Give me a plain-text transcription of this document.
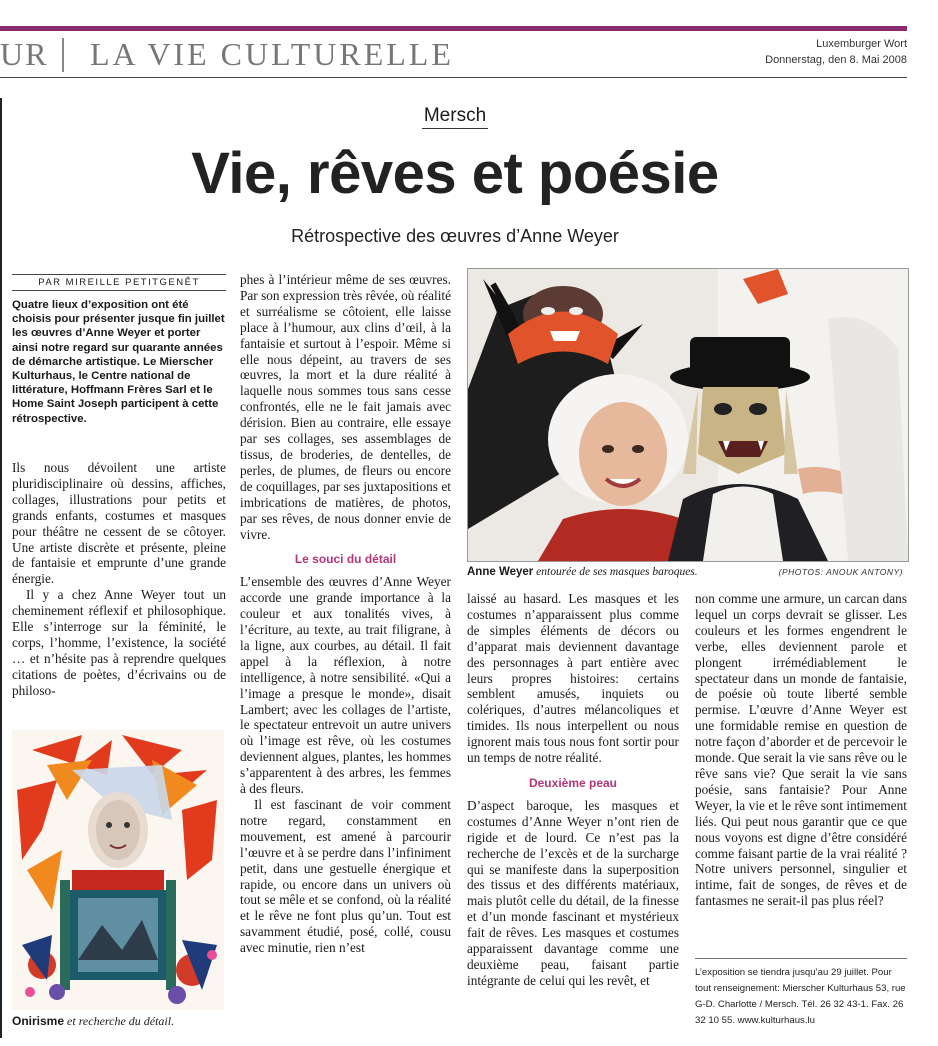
UR LA VIE CULTURELLE	Luxemburger Wort
Donnerstag, den 8. Mai 2008
Mersch
Vie, rêves et poésie
Rétrospective des œuvres d’Anne Weyer
PAR MIREILLE PETITGENÊT

Quatre lieux d’exposition ont été choisis pour présenter jusque fin juillet les œuvres d’Anne Weyer et porter ainsi notre regard sur quarante années de démarche artistique. Le Mierscher Kulturhaus, le Centre national de littérature, Hoffmann Frères Sarl et le Home Saint Joseph participent à cette rétrospective.

Ils nous dévoilent une artiste pluridisciplinaire où dessins, affiches, collages, illustrations pour petits et grands enfants, costumes et masques pour théâtre ne cessent de se côtoyer. Une artiste discrète et présente, pleine de fantaisie et emprunte d’une grande énergie.

Il y a chez Anne Weyer tout un cheminement réflexif et philosophique. Elle s’interroge sur la féminité, le corps, l’homme, l’existence, la société … et n’hésite pas à reprendre quelques citations de poètes, d’écrivains ou de philoso-

Onirisme et recherche du détail.

phes à l’intérieur même de ses œuvres. Par son expression très rêvée, où réalité et surréalisme se côtoient, elle laisse place à l’humour, aux clins d’œil, à la fantaisie et surtout à l’espoir. Même si elle nous dépeint, au travers de ses œuvres, la mort et la dure réalité à laquelle nous sommes tous sans cesse confrontés, elle ne le fait jamais avec dérision. Bien au contraire, elle essaye par ses collages, ses assemblages de tissus, de broderies, de dentelles, de perles, de plumes, de fleurs ou encore de coquillages, par ses juxtapositions et imbrications de matières, de photos, par ses rêves, de nous donner envie de vivre.

Le souci du détail

L’ensemble des œuvres d’Anne Weyer accorde une grande importance à la couleur et aux tonalités vives, à l’écriture, au texte, au trait filigrane, à la ligne, aux courbes, au détail. Il fait appel à la réflexion, à notre intelligence, à notre sensibilité. «Qui a l’image a presque le monde», disait Lambert; avec les collages de l’artiste, le spectateur entrevoit un autre univers où l’image est rêve, où les costumes deviennent algues, plantes, les hommes s’apparentent à des arbres, les femmes à des fleurs.

Il est fascinant de voir comment notre regard, constamment en mouvement, est amené à parcourir l’œuvre et à se perdre dans l’infiniment petit, dans une gestuelle énergique et rapide, ou encore dans un univers où tout se mêle et se confond, où la réalité et le rêve ne font plus qu’un. Tout est savamment étudié, posé, collé, cousu avec minutie, rien n’est

Anne Weyer entourée de ses masques baroques.	(PHOTOS: ANOUK ANTONY)

laissé au hasard. Les masques et les costumes n’apparaissent plus comme de simples éléments de décors ou d’apparat mais deviennent davantage des personnages à part entière avec leurs propres histoires: certains semblent amusés, inquiets ou colériques, d’autres mélancoliques et timides. Ils nous interpellent ou nous ignorent mais tous nous font sortir pour un temps de notre réalité.

Deuxième peau

D’aspect baroque, les masques et costumes d’Anne Weyer n’ont rien de rigide et de lourd. Ce n’est pas la recherche de l’excès et de la surcharge qui se manifeste dans la superposition des tissus et des différents matériaux, mais plutôt celle du détail, de la finesse et d’un monde fascinant et mystérieux fait de rêves. Les masques et costumes apparaissent davantage comme une deuxième peau, faisant partie intégrante de celui qui les revêt, et

non comme une armure, un carcan dans lequel un corps devrait se glisser. Les couleurs et les formes engendrent le verbe, elles deviennent parole et plongent irrémédiablement le spectateur dans un monde de fantaisie, de poésie où toute liberté semble permise. L’œuvre d’Anne Weyer est une formidable remise en question de notre façon d’aborder et de percevoir le monde. Que serait la vie sans rêve ou le rêve sans vie? Que serait la vie sans poésie, sans fantaisie? Pour Anne Weyer, la vie et le rêve sont intimement liés. Qui peut nous garantir que ce que nous voyons est digne d’être considéré comme faisant partie de la vrai réalité ? Notre univers personnel, singulier et intime, fait de songes, de rêves et de fantasmes ne serait-il pas plus réel?

L’exposition se tiendra jusqu’au 29 juillet. Pour tout renseignement: Mierscher Kulturhaus 53, rue G-D. Charlotte / Mersch. Tél. 26 32 43-1. Fax. 26 32 10 55. www.kulturhaus.lu
